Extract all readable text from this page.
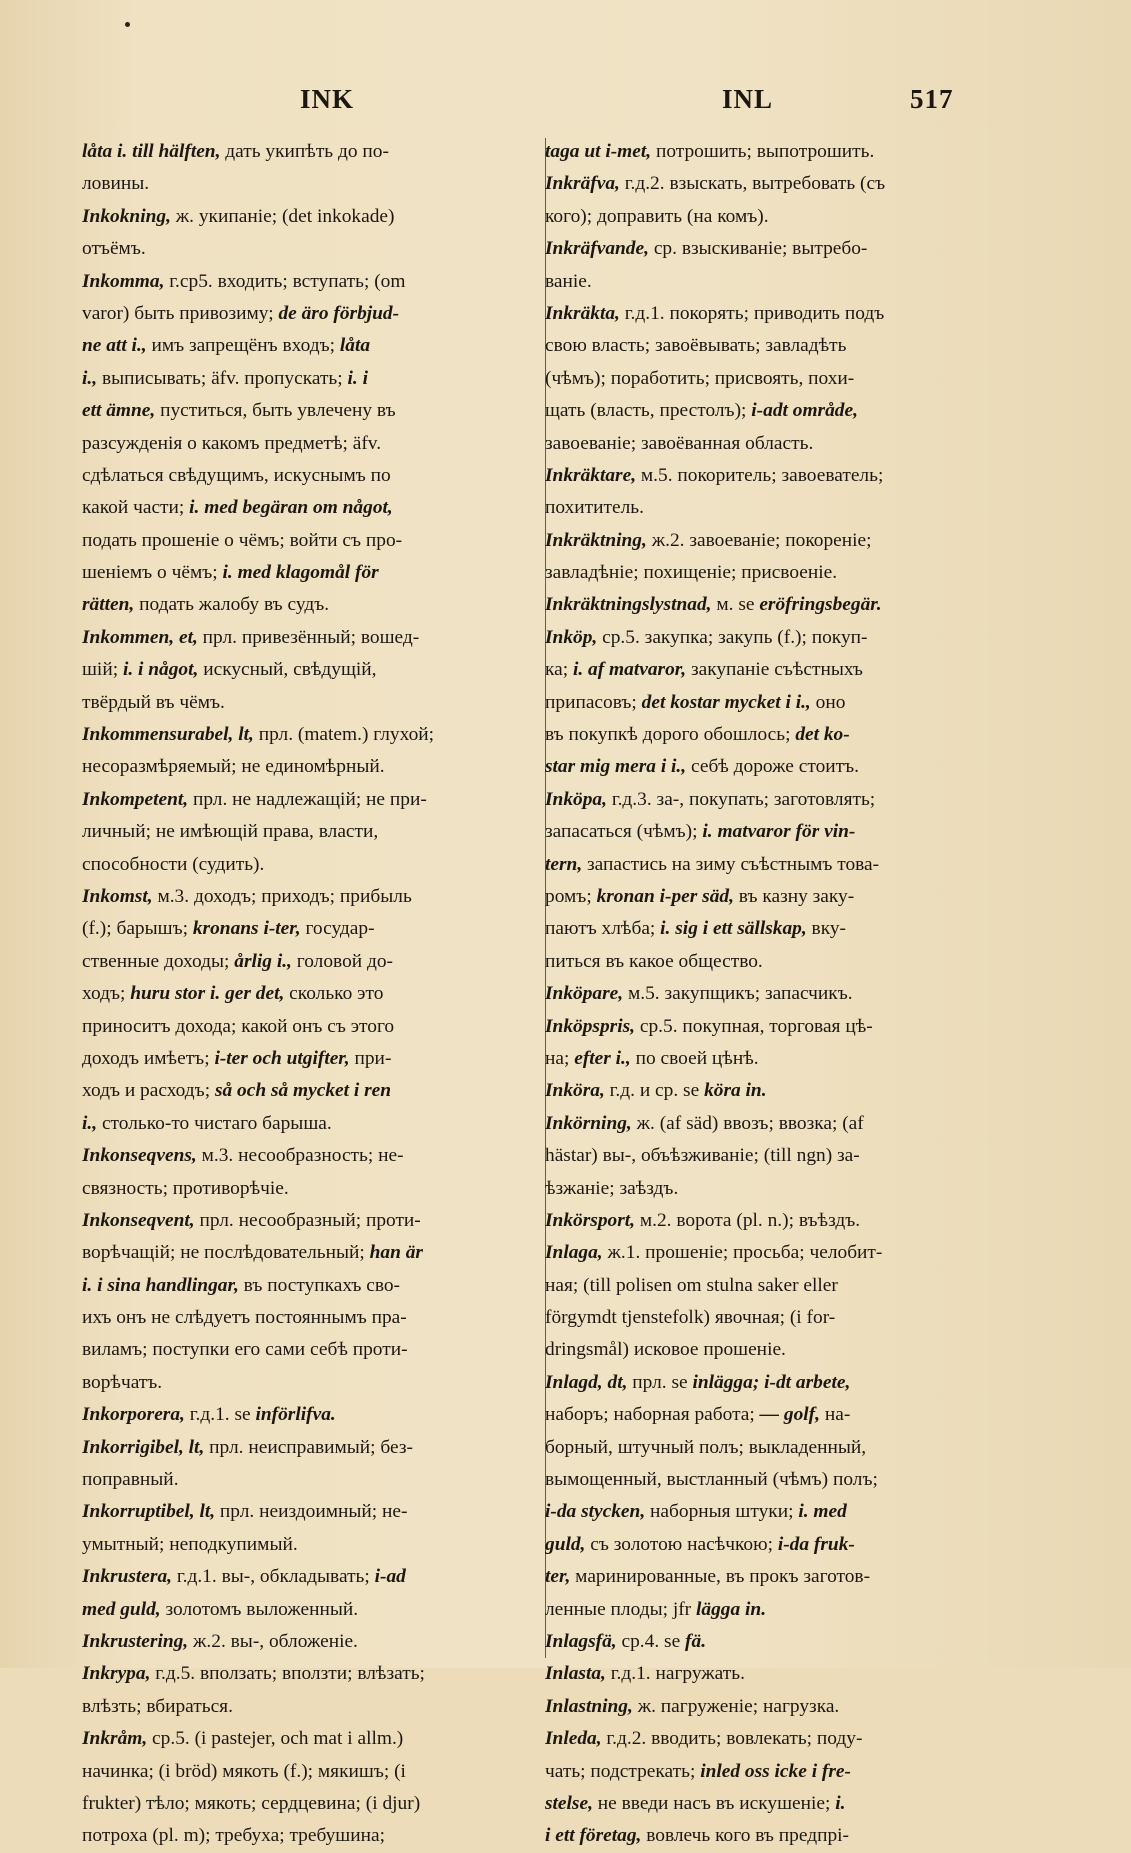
INK	INL	517
låta i. till hälften, дать укипѣть до по-
ловины.
Inkokning, ж. укипаніе; (det inkokade)
отъёмъ.
Inkomma, г.ср5. входить; вступать; (om
varor) быть привозиму; de äro förbjud-
ne att i., имъ запрещёнъ входъ; låta
i., выписывать; äfv. пропускать; i. i
ett ämne, пуститься, быть увлечену въ
разсужденія о какомъ предметѣ; äfv.
сдѣлаться свѣдущимъ, искуснымъ по
какой части; i. med begäran om något,
подать прошеніе о чёмъ; войти съ про-
шеніемъ о чёмъ; i. med klagomål för
rätten, подать жалобу въ судъ.
Inkommen, et, прл. привезённый; вошед-
шій; i. i något, искусный, свѣдущій,
твёрдый въ чёмъ.
Inkommensurabel, lt, прл. (matem.) глухой;
несоразмѣряемый; не единомѣрный.
Inkompetent, прл. не надлежащій; не при-
личный; не имѣющій права, власти,
способности (судить).
Inkomst, м.3. доходъ; приходъ; прибыль
(f.); барышъ; kronans i-ter, государ-
ственные доходы; årlig i., головой до-
ходъ; huru stor i. ger det, сколько это
приноситъ дохода; какой онъ съ этого
доходъ имѣетъ; i-ter och utgifter, при-
ходъ и расходъ; så och så mycket i ren
i., столько-то чистаго барыша.
Inkonseqvens, м.3. несообразность; не-
связность; противорѣчіе.
Inkonseqvent, прл. несообразный; проти-
ворѣчащій; не послѣдовательный; han är
i. i sina handlingar, въ поступкахъ сво-
ихъ онъ не слѣдуетъ постояннымъ пра-
виламъ; поступки его сами себѣ проти-
ворѣчатъ.
Inkorporera, г.д.1. se införlifva.
Inkorrigibel, lt, прл. неисправимый; без-
поправный.
Inkorruptibel, lt, прл. неиздоимный; не-
умытный; неподкупимый.
Inkrustera, г.д.1. вы-, обкладывать; i-ad
med guld, золотомъ выложенный.
Inkrustering, ж.2. вы-, обложеніе.
Inkrypa, г.д.5. вползать; вползти; влѣзать;
влѣзть; вбираться.
Inkråm, ср.5. (i pastejer, och mat i allm.)
начинка; (i bröd) мякоть (f.); мякишъ; (i
frukter) тѣло; мякоть; сердцевина; (i djur)
потроха (pl. m); требуха; требушина;
taga ut i-met, потрошить; выпотрошить.
Inkräfva, г.д.2. взыскать, вытребовать (съ
кого); доправить (на комъ).
Inkräfvande, ср. взыскиваніе; вытребо-
ваніе.
Inkräkta, г.д.1. покорять; приводить подъ
свою власть; завоёвывать; завладѣть
(чѣмъ); поработить; присвоять, похи-
щать (власть, престолъ); i-adt område,
завоеваніе; завоёванная область.
Inkräktare, м.5. покоритель; завоеватель;
похититель.
Inkräktning, ж.2. завоеваніе; покореніе;
завладѣніе; похищеніе; присвоеніе.
Inkräktningslystnad, м. se eröfringsbegär.
Inköp, ср.5. закупка; закупь (f.); покуп-
ка; i. af matvaror, закупаніе съѣстныхъ
припасовъ; det kostar mycket i i., оно
въ покупкѣ дорого обошлось; det ko-
star mig mera i i., себѣ дороже стоитъ.
Inköpa, г.д.3. за-, покупать; заготовлять;
запасаться (чѣмъ); i. matvaror för vin-
tern, запастись на зиму съѣстнымъ това-
ромъ; kronan i-per säd, въ казну заку-
паютъ хлѣба; i. sig i ett sällskap, вку-
питься въ какое общество.
Inköpare, м.5. закупщикъ; запасчикъ.
Inköpspris, ср.5. покупная, торговая цѣ-
на; efter i., по своей цѣнѣ.
Inköra, г.д. и ср. se köra in.
Inkörning, ж. (af säd) ввозъ; ввозка; (af
hästar) вы-, объѣзживаніе; (till ngn) за-
ѣзжаніе; заѣздъ.
Inkörsport, м.2. ворота (pl. n.); въѣздъ.
Inlaga, ж.1. прошеніе; просьба; челобит-
ная; (till polisen om stulna saker eller
förgymdt tjenstefolk) явочная; (i for-
dringsmål) исковое прошеніе.
Inlagd, dt, прл. se inlägga; i-dt arbete,
наборъ; наборная работа; — golf, на-
борный, штучный полъ; выкладенный,
вымощенный, выстланный (чѣмъ) полъ;
i-da stycken, наборныя штуки; i. med
guld, съ золотою насѣчкою; i-da fruk-
ter, маринированные, въ прокъ заготов-
ленные плоды; jfr lägga in.
Inlagsfä, ср.4. se fä.
Inlasta, г.д.1. нагружать.
Inlastning, ж. пагруженіе; нагрузка.
Inleda, г.д.2. вводить; вовлекать; поду-
чать; подстрекать; inled oss icke i fre-
stelse, не введи насъ въ искушеніе; i.
i ett företag, вовлечь кого въ предпрі-
